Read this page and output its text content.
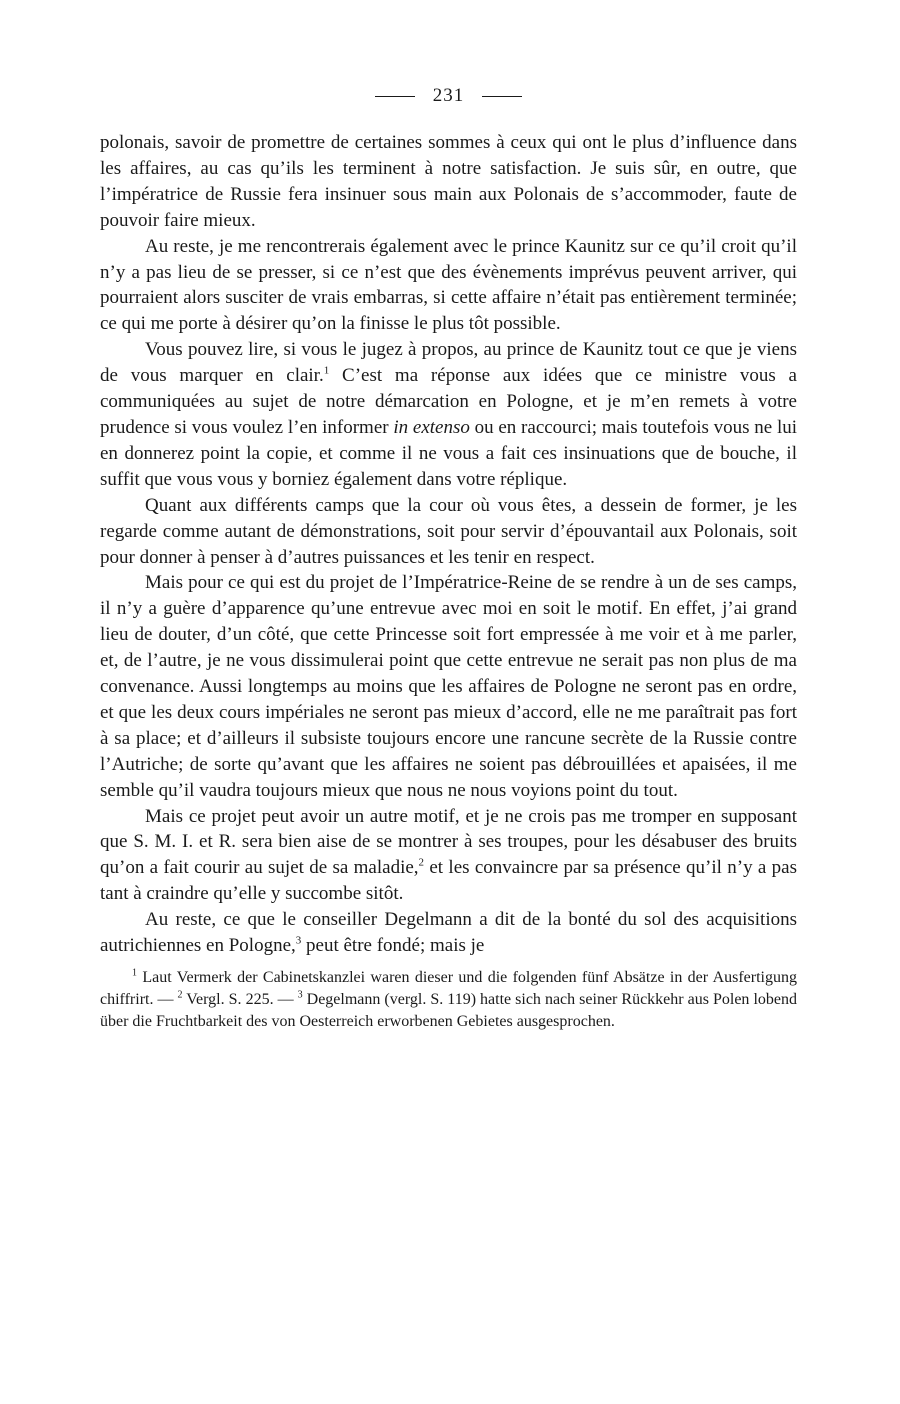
231

polonais, savoir de promettre de certaines sommes à ceux qui ont le plus d’influence dans les affaires, au cas qu’ils les terminent à notre satisfaction. Je suis sûr, en outre, que l’impératrice de Russie fera insinuer sous main aux Polonais de s’accommoder, faute de pouvoir faire mieux.

Au reste, je me rencontrerais également avec le prince Kaunitz sur ce qu’il croit qu’il n’y a pas lieu de se presser, si ce n’est que des évènements imprévus peuvent arriver, qui pourraient alors susciter de vrais embarras, si cette affaire n’était pas entièrement terminée; ce qui me porte à désirer qu’on la finisse le plus tôt possible.

Vous pouvez lire, si vous le jugez à propos, au prince de Kaunitz tout ce que je viens de vous marquer en clair.$^1$ C’est ma réponse aux idées que ce ministre vous a communiquées au sujet de notre démarcation en Pologne, et je m’en remets à votre prudence si vous voulez l’en informer in extenso ou en raccourci; mais toutefois vous ne lui en donnerez point la copie, et comme il ne vous a fait ces insinuations que de bouche, il suffit que vous vous y borniez également dans votre réplique.

Quant aux différents camps que la cour où vous êtes, a dessein de former, je les regarde comme autant de démonstrations, soit pour servir d’épouvantail aux Polonais, soit pour donner à penser à d’autres puissances et les tenir en respect.

Mais pour ce qui est du projet de l’Impératrice-Reine de se rendre à un de ses camps, il n’y a guère d’apparence qu’une entrevue avec moi en soit le motif. En effet, j’ai grand lieu de douter, d’un côté, que cette Princesse soit fort empressée à me voir et à me parler, et, de l’autre, je ne vous dissimulerai point que cette entrevue ne serait pas non plus de ma convenance. Aussi longtemps au moins que les affaires de Pologne ne seront pas en ordre, et que les deux cours impériales ne seront pas mieux d’accord, elle ne me paraîtrait pas fort à sa place; et d’ailleurs il subsiste toujours encore une rancune secrète de la Russie contre l’Autriche; de sorte qu’avant que les affaires ne soient pas débrouillées et apaisées, il me semble qu’il vaudra toujours mieux que nous ne nous voyions point du tout.

Mais ce projet peut avoir un autre motif, et je ne crois pas me tromper en supposant que S. M. I. et R. sera bien aise de se montrer à ses troupes, pour les désabuser des bruits qu’on a fait courir au sujet de sa maladie,$^2$ et les convaincre par sa présence qu’il n’y a pas tant à craindre qu’elle y succombe sitôt.

Au reste, ce que le conseiller Degelmann a dit de la bonté du sol des acquisitions autrichiennes en Pologne,$^3$ peut être fondé; mais je

$^1$ Laut Vermerk der Cabinetskanzlei waren dieser und die folgenden fünf Absätze in der Ausfertigung chiffrirt. — $^2$ Vergl. S. 225. — $^3$ Degelmann (vergl. S. 119) hatte sich nach seiner Rückkehr aus Polen lobend über die Fruchtbarkeit des von Oesterreich erworbenen Gebietes ausgesprochen.
